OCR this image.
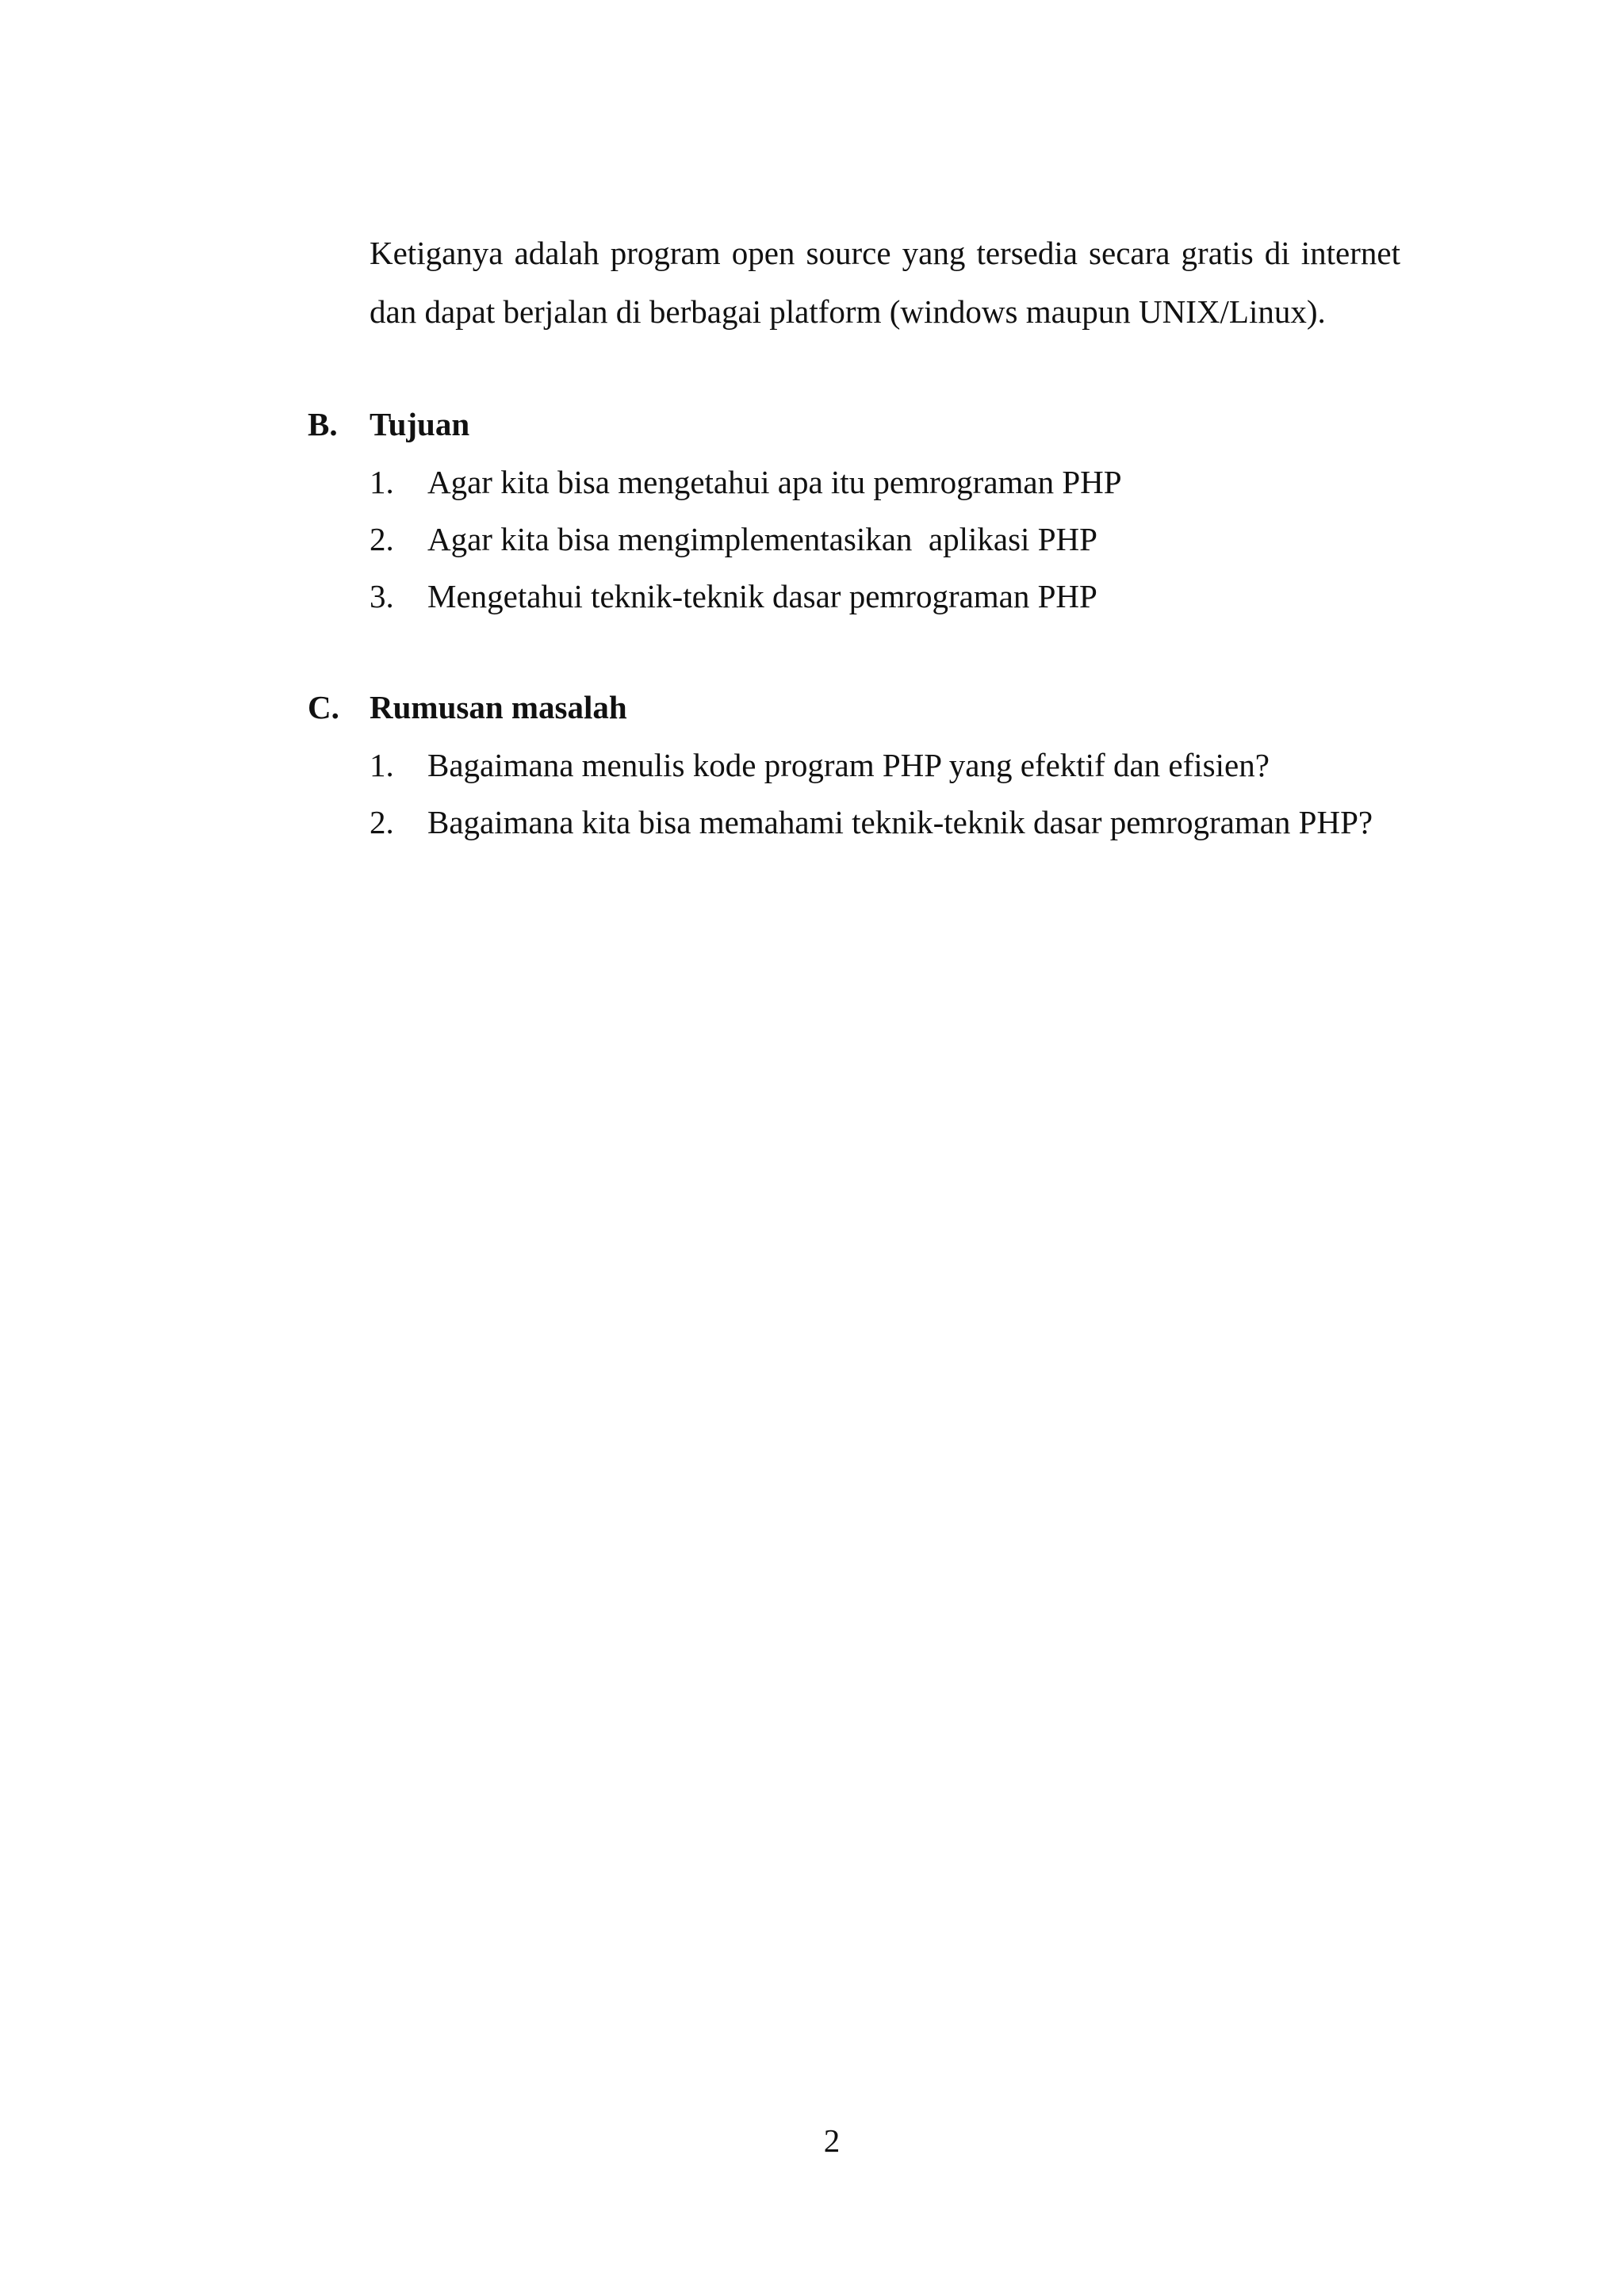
Ketiganya adalah program open source yang tersedia secara gratis di internet dan dapat berjalan di berbagai platform (windows maupun UNIX/Linux).

B. Tujuan
1.	Agar kita bisa mengetahui apa itu pemrograman PHP
2.	Agar kita bisa mengimplementasikan  aplikasi PHP
3.	Mengetahui teknik-teknik dasar pemrograman PHP
C. Rumusan masalah
1.	Bagaimana menulis kode program PHP yang efektif dan efisien?
2.	Bagaimana kita bisa memahami teknik-teknik dasar pemrograman PHP?
2
